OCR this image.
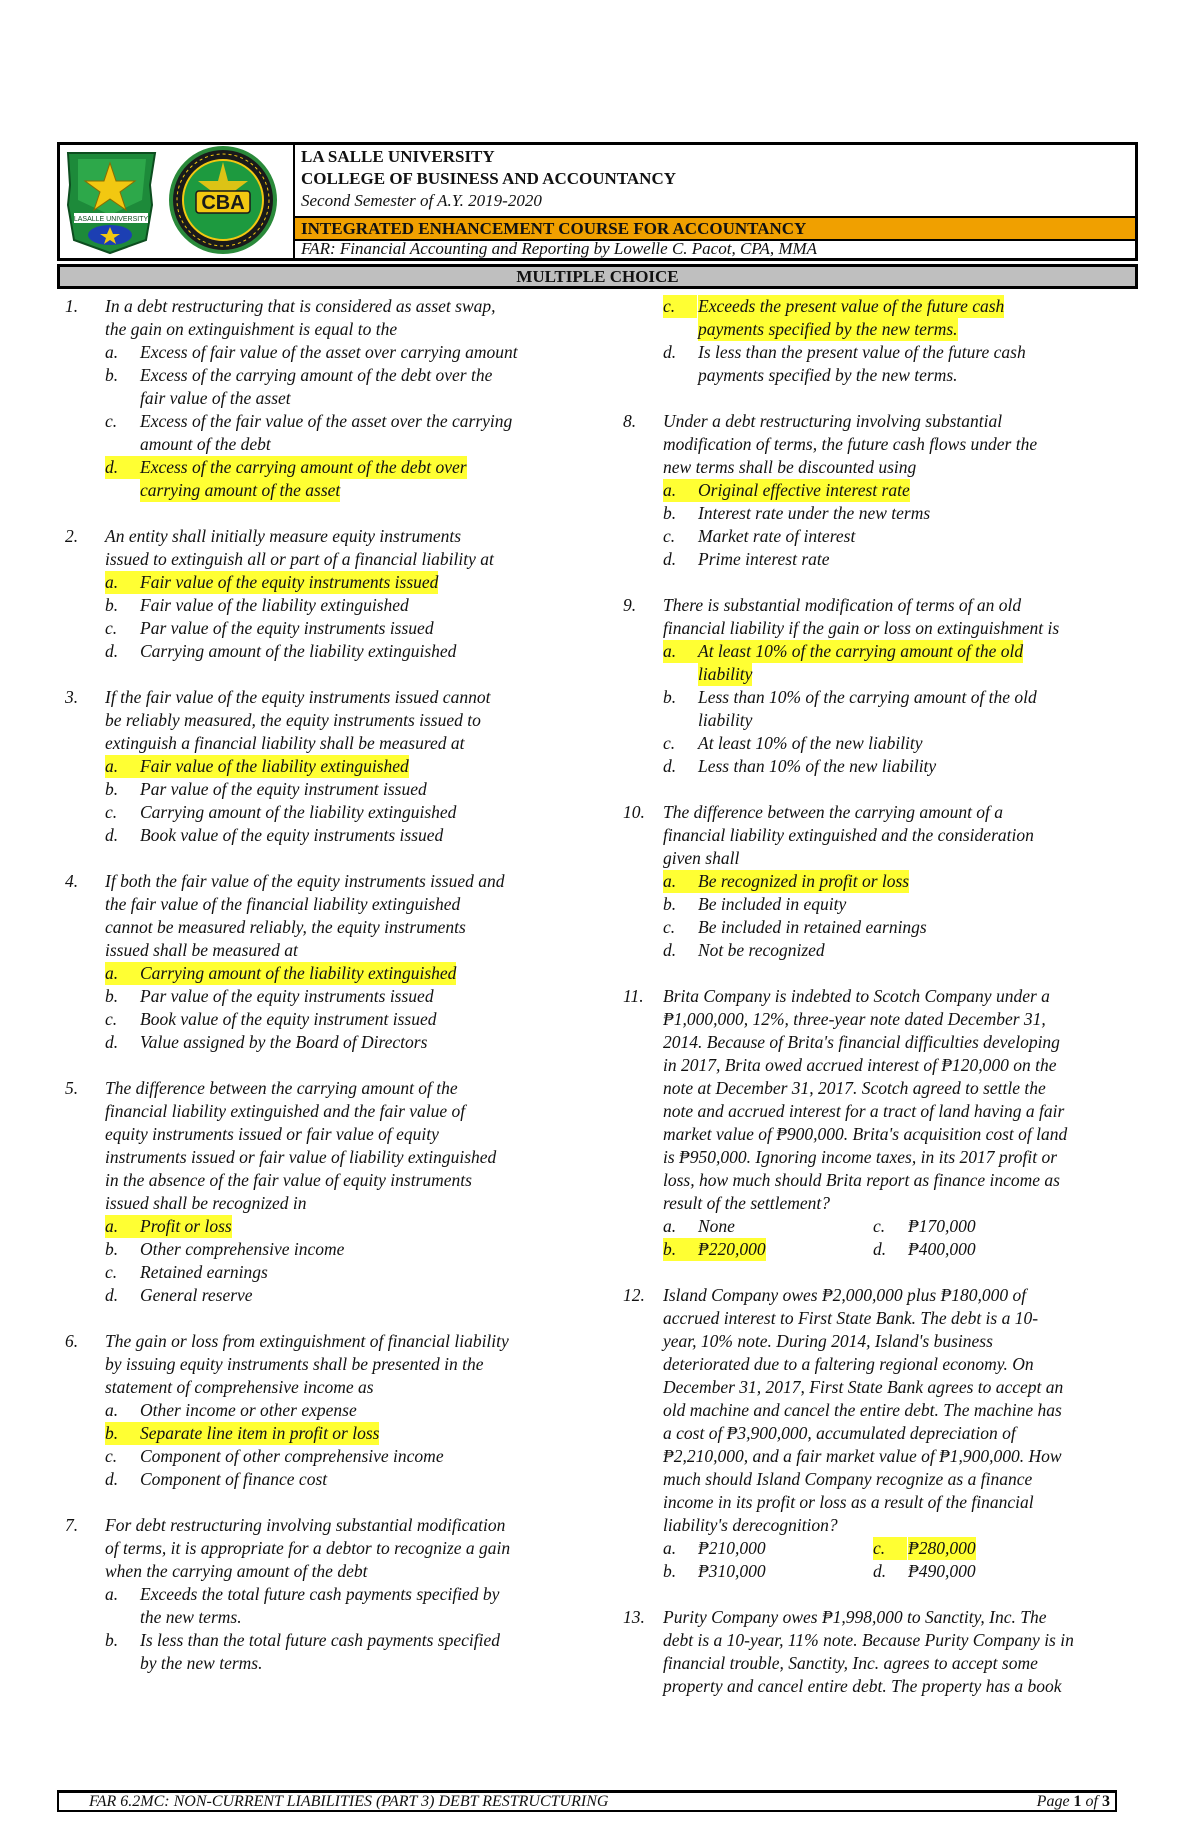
LASALLE UNIVERSITY
CBA
LA SALLE UNIVERSITY
COLLEGE OF BUSINESS AND ACCOUNTANCY
Second Semester of A.Y. 2019-2020
INTEGRATED ENHANCEMENT COURSE FOR ACCOUNTANCY
FAR: Financial Accounting and Reporting by Lowelle C. Pacot, CPA, MMA
MULTIPLE CHOICE
1. In a debt restructuring that is considered as asset swap,
the gain on extinguishment is equal to the
a. Excess of fair value of the asset over carrying amount
b. Excess of the carrying amount of the debt over the
fair value of the asset
c. Excess of the fair value of the asset over the carrying
amount of the debt
d.	Excess of the carrying amount of the debt over
carrying amount of the asset
2. An entity shall initially measure equity instruments
issued to extinguish all or part of a financial liability at
a.	Fair value of the equity instruments issued
b. Fair value of the liability extinguished
c. Par value of the equity instruments issued
d. Carrying amount of the liability extinguished
3. If the fair value of the equity instruments issued cannot
be reliably measured, the equity instruments issued to
extinguish a financial liability shall be measured at
a.	Fair value of the liability extinguished
b. Par value of the equity instrument issued
c. Carrying amount of the liability extinguished
d. Book value of the equity instruments issued
4. If both the fair value of the equity instruments issued and
the fair value of the financial liability extinguished
cannot be measured reliably, the equity instruments
issued shall be measured at
a.	Carrying amount of the liability extinguished
b. Par value of the equity instruments issued
c. Book value of the equity instrument issued
d. Value assigned by the Board of Directors
5. The difference between the carrying amount of the
financial liability extinguished and the fair value of
equity instruments issued or fair value of equity
instruments issued or fair value of liability extinguished
in the absence of the fair value of equity instruments
issued shall be recognized in
a.	Profit or loss
b. Other comprehensive income
c. Retained earnings
d. General reserve
6. The gain or loss from extinguishment of financial liability
by issuing equity instruments shall be presented in the
statement of comprehensive income as
a. Other income or other expense
b.	Separate line item in profit or loss
c. Component of other comprehensive income
d. Component of finance cost
7. For debt restructuring involving substantial modification
of terms, it is appropriate for a debtor to recognize a gain
when the carrying amount of the debt
a. Exceeds the total future cash payments specified by
the new terms.
b. Is less than the total future cash payments specified
by the new terms.
c.	Exceeds the present value of the future cash
payments specified by the new terms.
d. Is less than the present value of the future cash
payments specified by the new terms.
8. Under a debt restructuring involving substantial
modification of terms, the future cash flows under the
new terms shall be discounted using
a.	Original effective interest rate
b. Interest rate under the new terms
c. Market rate of interest
d. Prime interest rate
9. There is substantial modification of terms of an old
financial liability if the gain or loss on extinguishment is
a.	At least 10% of the carrying amount of the old
liability
b. Less than 10% of the carrying amount of the old
liability
c. At least 10% of the new liability
d. Less than 10% of the new liability
10. The difference between the carrying amount of a
financial liability extinguished and the consideration
given shall
a.	Be recognized in profit or loss
b. Be included in equity
c. Be included in retained earnings
d. Not be recognized
11. Brita Company is indebted to Scotch Company under a
₱1,000,000, 12%, three-year note dated December 31,
2014. Because of Brita's financial difficulties developing
in 2017, Brita owed accrued interest of ₱120,000 on the
note at December 31, 2017. Scotch agreed to settle the
note and accrued interest for a tract of land having a fair
market value of ₱900,000. Brita's acquisition cost of land
is ₱950,000. Ignoring income taxes, in its 2017 profit or
loss, how much should Brita report as finance income as
result of the settlement?
a. None	c. ₱170,000
b.	₱220,000	d. ₱400,000
12. Island Company owes ₱2,000,000 plus ₱180,000 of
accrued interest to First State Bank. The debt is a 10-
year, 10% note. During 2014, Island's business
deteriorated due to a faltering regional economy. On
December 31, 2017, First State Bank agrees to accept an
old machine and cancel the entire debt. The machine has
a cost of ₱3,900,000, accumulated depreciation of
₱2,210,000, and a fair market value of ₱1,900,000. How
much should Island Company recognize as a finance
income in its profit or loss as a result of the financial
liability's derecognition?
a. ₱210,000	c.	₱280,000
b. ₱310,000	d. ₱490,000
13. Purity Company owes ₱1,998,000 to Sanctity, Inc. The
debt is a 10-year, 11% note. Because Purity Company is in
financial trouble, Sanctity, Inc. agrees to accept some
property and cancel entire debt. The property has a book
FAR 6.2MC: NON-CURRENT LIABILITIES (PART 3) DEBT RESTRUCTURING	Page 1 of 3
